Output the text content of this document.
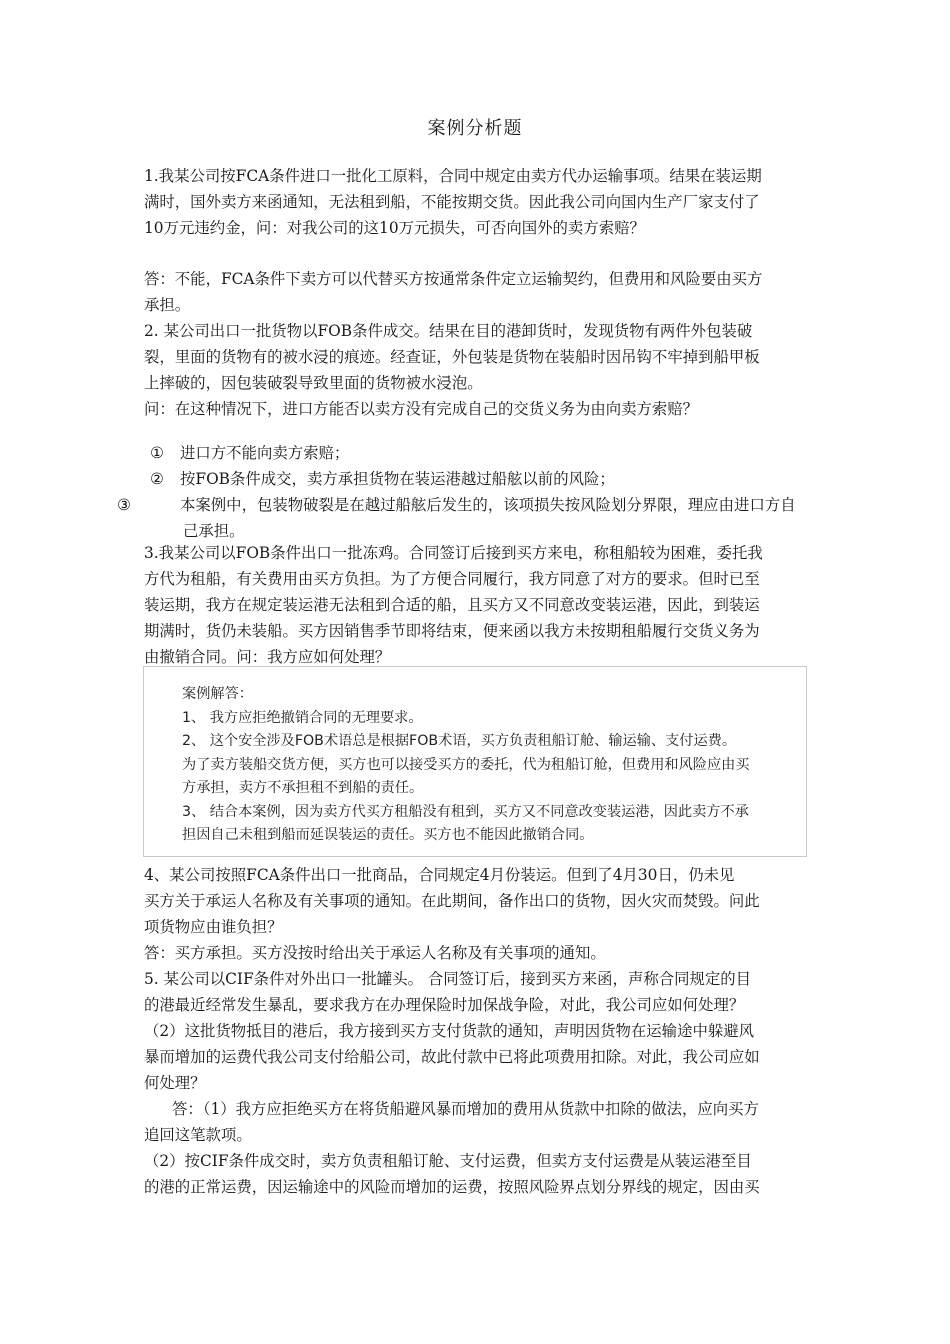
案例分析题
1.我某公司按FCA条件进口一批化工原料，合同中规定由卖方代办运输事项。结果在装运期
满时，国外卖方来函通知，无法租到船，不能按期交货。因此我公司向国内生产厂家支付了
10万元违约金，问：对我公司的这10万元损失，可否向国外的卖方索赔？
答：不能，FCA条件下卖方可以代替买方按通常条件定立运输契约，但费用和风险要由买方
承担。
2. 某公司出口一批货物以FOB条件成交。结果在目的港卸货时，发现货物有两件外包装破
裂，里面的货物有的被水浸的痕迹。经查证，外包装是货物在装船时因吊钩不牢掉到船甲板
上摔破的，因包装破裂导致里面的货物被水浸泡。
问：在这种情况下，进口方能否以卖方没有完成自己的交货义务为由向卖方索赔？
① 进口方不能向卖方索赔；
② 按FOB条件成交，卖方承担货物在装运港越过船舷以前的风险；
③	本案例中，包装物破裂是在越过船舷后发生的，该项损失按风险划分界限，理应由进口方自己承担。
3.我某公司以FOB条件出口一批冻鸡。合同签订后接到买方来电，称租船较为困难，委托我
方代为租船，有关费用由买方负担。为了方便合同履行，我方同意了对方的要求。但时已至
装运期，我方在规定装运港无法租到合适的船，且买方又不同意改变装运港，因此，到装运
期满时，货仍未装船。买方因销售季节即将结束，便来函以我方未按期租船履行交货义务为
由撤销合同。问：我方应如何处理？
案例解答：
1、 我方应拒绝撤销合同的无理要求。
2、 这个安全涉及FOB术语总是根据FOB术语，买方负责租船订舱、输运输、支付运费。
为了卖方装船交货方便，买方也可以接受买方的委托，代为租船订舱，但费用和风险应由买
方承担，卖方不承担租不到船的责任。
3、 结合本案例，因为卖方代买方租船没有租到，买方又不同意改变装运港，因此卖方不承
担因自己未租到船而延误装运的责任。买方也不能因此撤销合同。
4、某公司按照FCA条件出口一批商品，合同规定4月份装运。但到了4月30日，仍未见
买方关于承运人名称及有关事项的通知。在此期间，备作出口的货物，因火灾而焚毁。问此
项货物应由谁负担？
答：买方承担。买方没按时给出关于承运人名称及有关事项的通知。
5. 某公司以CIF条件对外出口一批罐头。 合同签订后，接到买方来函，声称合同规定的目
的港最近经常发生暴乱，要求我方在办理保险时加保战争险，对此，我公司应如何处理？
（2）这批货物抵目的港后，我方接到买方支付货款的通知，声明因货物在运输途中躲避风
暴而增加的运费代我公司支付给船公司，故此付款中已将此项费用扣除。对此，我公司应如
何处理？
答：（1）我方应拒绝买方在将货船避风暴而增加的费用从货款中扣除的做法，应向买方
追回这笔款项。
（2）按CIF条件成交时，卖方负责租船订舱、支付运费，但卖方支付运费是从装运港至目
的港的正常运费，因运输途中的风险而增加的运费，按照风险界点划分界线的规定，因由买
